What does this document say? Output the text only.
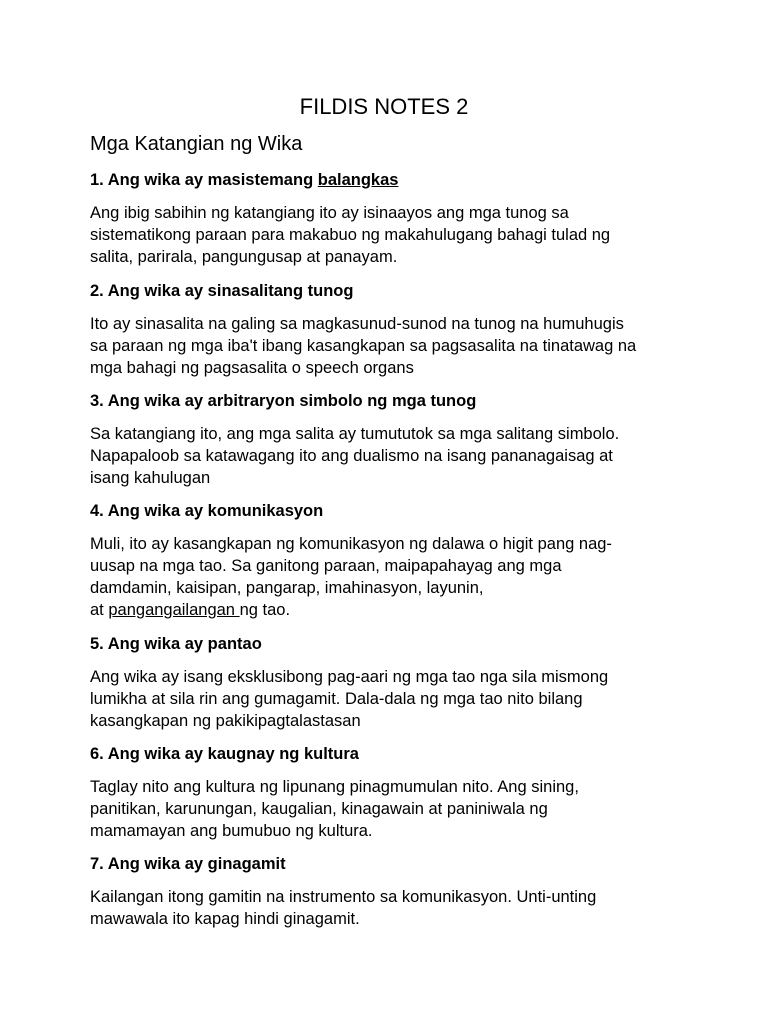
FILDIS NOTES 2
Mga Katangian ng Wika

1. Ang wika ay masistemang balangkas

Ang ibig sabihin ng katangiang ito ay isinaayos ang mga tunog sa
sistematikong paraan para makabuo ng makahulugang bahagi tulad ng
salita, parirala, pangungusap at panayam.

2. Ang wika ay sinasalitang tunog

Ito ay sinasalita na galing sa magkasunud-sunod na tunog na humuhugis
sa paraan ng mga iba't ibang kasangkapan sa pagsasalita na tinatawag na
mga bahagi ng pagsasalita o speech organs

3. Ang wika ay arbitraryon simbolo ng mga tunog

Sa katangiang ito, ang mga salita ay tumututok sa mga salitang simbolo.
Napapaloob sa katawagang ito ang dualismo na isang pananagaisag at
isang kahulugan

4. Ang wika ay komunikasyon

Muli, ito ay kasangkapan ng komunikasyon ng dalawa o higit pang nag-
uusap na mga tao. Sa ganitong paraan, maipapahayag ang mga
damdamin, kaisipan, pangarap, imahinasyon, layunin,
at pangangailangan ng tao.

5. Ang wika ay pantao

Ang wika ay isang eksklusibong pag-aari ng mga tao nga sila mismong
lumikha at sila rin ang gumagamit. Dala-dala ng mga tao nito bilang
kasangkapan ng pakikipagtalastasan

6. Ang wika ay kaugnay ng kultura

Taglay nito ang kultura ng lipunang pinagmumulan nito. Ang sining,
panitikan, karunungan, kaugalian, kinagawain at paniniwala ng
mamamayan ang bumubuo ng kultura.

7. Ang wika ay ginagamit

Kailangan itong gamitin na instrumento sa komunikasyon. Unti-unting
mawawala ito kapag hindi ginagamit.
